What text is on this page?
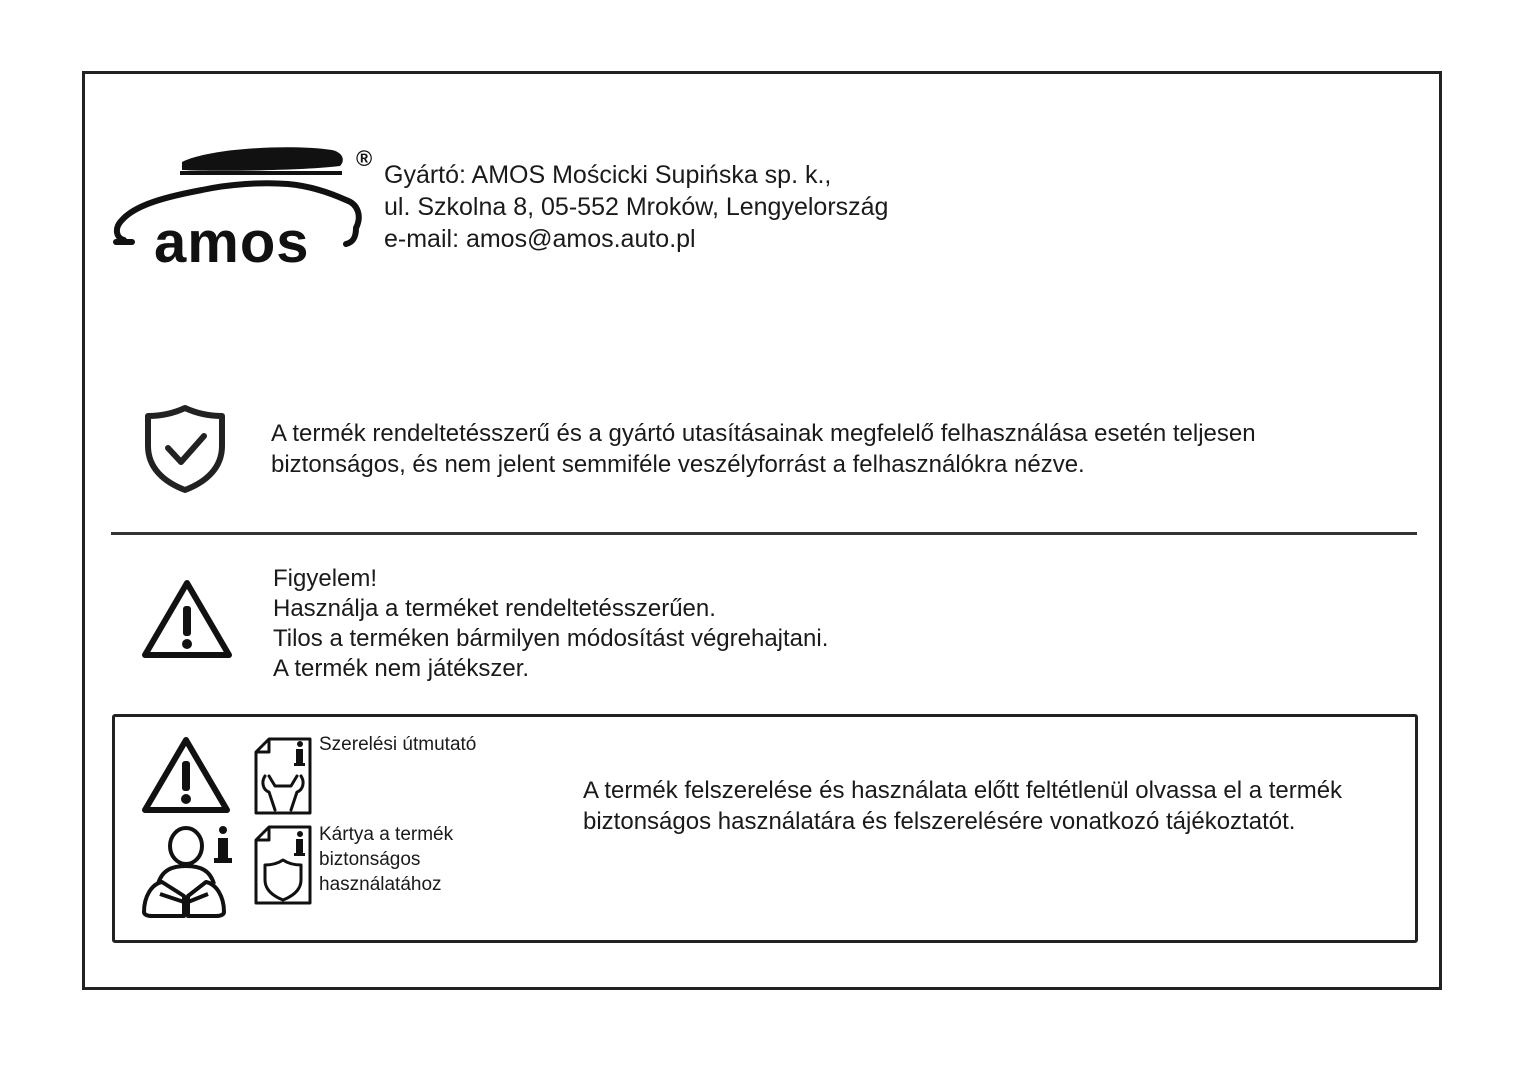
®
amos
Gyártó: AMOS Mościcki Supińska sp. k.,
ul. Szkolna 8, 05-552 Mroków, Lengyelország
e-mail: amos@amos.auto.pl
A termék rendeltetésszerű és a gyártó utasításainak megfelelő felhasználása esetén teljesen biztonságos, és nem jelent semmiféle veszélyforrást a felhasználókra nézve.
Figyelem!
Használja a terméket rendeltetésszerűen.
Tilos a terméken bármilyen módosítást végrehajtani.
A termék nem játékszer.
Szerelési útmutató
Kártya a termék biztonságos használatához
A termék felszerelése és használata előtt feltétlenül olvassa el a termék biztonságos használatára és felszerelésére vonatkozó tájékoztatót.
